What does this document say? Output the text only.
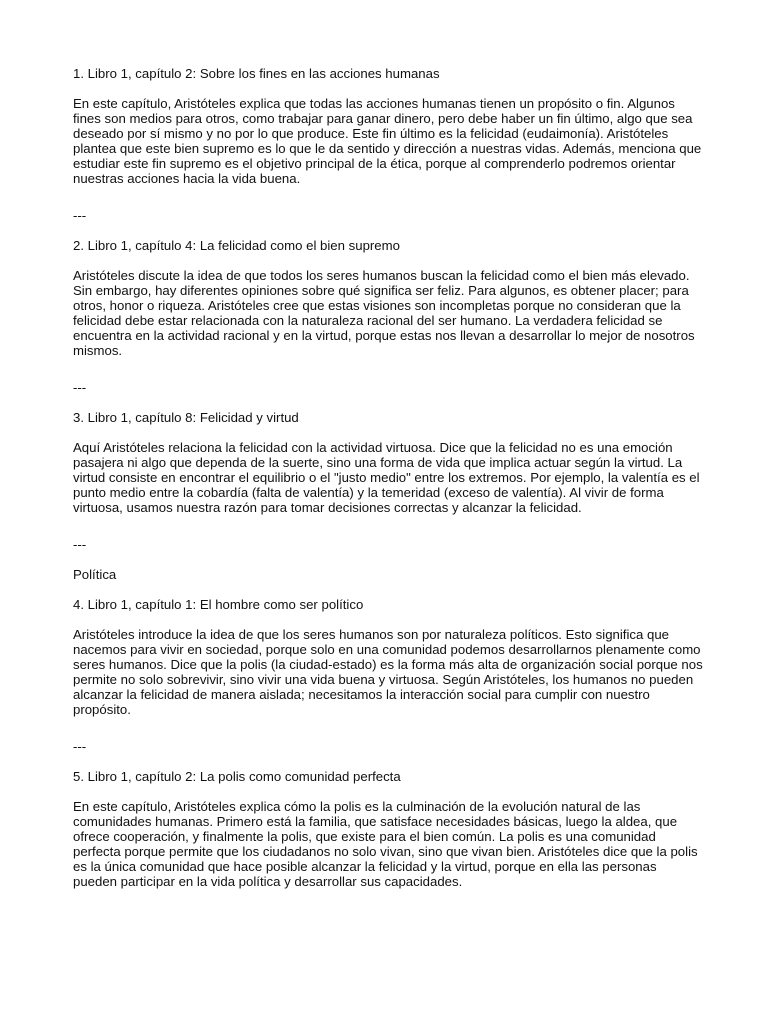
1. Libro 1, capítulo 2: Sobre los fines en las acciones humanas

En este capítulo, Aristóteles explica que todas las acciones humanas tienen un propósito o fin. Algunos fines son medios para otros, como trabajar para ganar dinero, pero debe haber un fin último, algo que sea deseado por sí mismo y no por lo que produce. Este fin último es la felicidad (eudaimonía). Aristóteles plantea que este bien supremo es lo que le da sentido y dirección a nuestras vidas. Además, menciona que estudiar este fin supremo es el objetivo principal de la ética, porque al comprenderlo podremos orientar nuestras acciones hacia la vida buena.

---

2. Libro 1, capítulo 4: La felicidad como el bien supremo

Aristóteles discute la idea de que todos los seres humanos buscan la felicidad como el bien más elevado. Sin embargo, hay diferentes opiniones sobre qué significa ser feliz. Para algunos, es obtener placer; para otros, honor o riqueza. Aristóteles cree que estas visiones son incompletas porque no consideran que la felicidad debe estar relacionada con la naturaleza racional del ser humano. La verdadera felicidad se encuentra en la actividad racional y en la virtud, porque estas nos llevan a desarrollar lo mejor de nosotros mismos.

---

3. Libro 1, capítulo 8: Felicidad y virtud

Aquí Aristóteles relaciona la felicidad con la actividad virtuosa. Dice que la felicidad no es una emoción pasajera ni algo que dependa de la suerte, sino una forma de vida que implica actuar según la virtud. La virtud consiste en encontrar el equilibrio o el "justo medio" entre los extremos. Por ejemplo, la valentía es el punto medio entre la cobardía (falta de valentía) y la temeridad (exceso de valentía). Al vivir de forma virtuosa, usamos nuestra razón para tomar decisiones correctas y alcanzar la felicidad.

---

Política

4. Libro 1, capítulo 1: El hombre como ser político

Aristóteles introduce la idea de que los seres humanos son por naturaleza políticos. Esto significa que nacemos para vivir en sociedad, porque solo en una comunidad podemos desarrollarnos plenamente como seres humanos. Dice que la polis (la ciudad-estado) es la forma más alta de organización social porque nos permite no solo sobrevivir, sino vivir una vida buena y virtuosa. Según Aristóteles, los humanos no pueden alcanzar la felicidad de manera aislada; necesitamos la interacción social para cumplir con nuestro propósito.

---

5. Libro 1, capítulo 2: La polis como comunidad perfecta

En este capítulo, Aristóteles explica cómo la polis es la culminación de la evolución natural de las comunidades humanas. Primero está la familia, que satisface necesidades básicas, luego la aldea, que ofrece cooperación, y finalmente la polis, que existe para el bien común. La polis es una comunidad perfecta porque permite que los ciudadanos no solo vivan, sino que vivan bien. Aristóteles dice que la polis es la única comunidad que hace posible alcanzar la felicidad y la virtud, porque en ella las personas pueden participar en la vida política y desarrollar sus capacidades.
